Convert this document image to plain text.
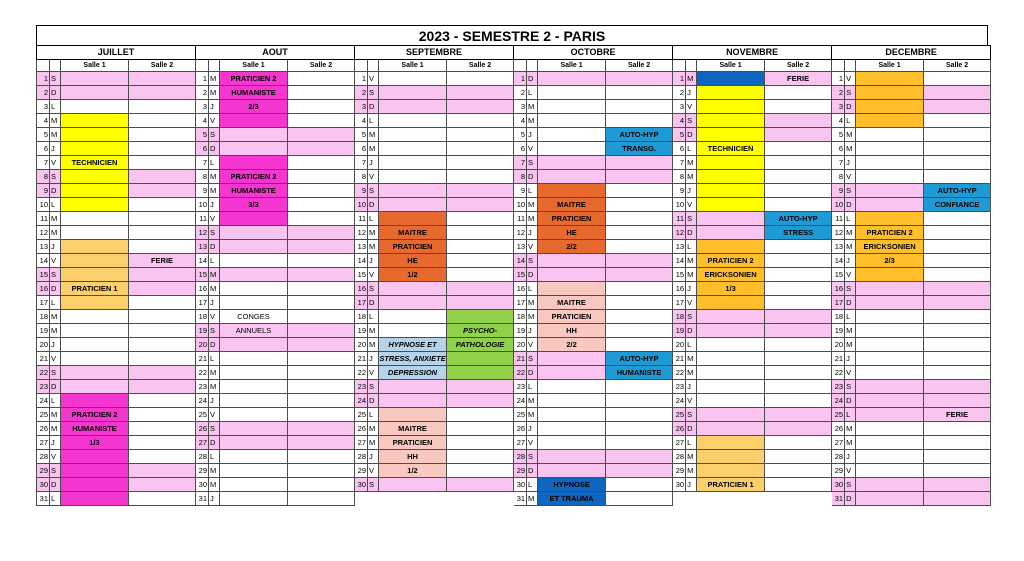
2023 - SEMESTRE 2 - PARIS
JUILLET				AOUT				SEPTEMBRE				OCTOBRE				NOVEMBRE				DECEMBRE			
		Salle 1	Salle 2			Salle 1	Salle 2			Salle 1	Salle 2			Salle 1	Salle 2			Salle 1	Salle 2			Salle 1	Salle 2
1	S			1	M	PRATICIEN 2		1	V			1	D			1	M		FERIE	1	V		
2	D			2	M	HUMANISTE		2	S			2	L			2	J			2	S		
3	L			3	J	2/3		3	D			3	M			3	V			3	D		
4	M			4	V			4	L			4	M			4	S			4	L		
5	M			5	S			5	M			5	J		AUTO-HYP	5	D			5	M		
6	J			6	D			6	M			6	V		TRANSG.	6	L	TECHNICIEN		6	M		
7	V	TECHNICIEN		7	L			7	J			7	S			7	M			7	J		
8	S			8	M	PRATICIEN 2		8	V			8	D			8	M			8	V		
9	D			9	M	HUMANISTE		9	S			9	L			9	J			9	S		AUTO-HYP
10	L			10	J	3/3		10	D			10	M	MAITRE		10	V			10	D		CONFIANCE
11	M			11	V			11	L			11	M	PRATICIEN		11	S		AUTO-HYP	11	L		
12	M			12	S			12	M	MAITRE		12	J	HE		12	D		STRESS	12	M	PRATICIEN 2	
13	J			13	D			13	M	PRATICIEN		13	V	2/2		13	L			13	M	ERICKSONIEN	
14	V		FERIE	14	L			14	J	HE		14	S			14	M	PRATICIEN 2		14	J	2/3	
15	S			15	M			15	V	1/2		15	D			15	M	ERICKSONIEN		15	V		
16	D	PRATICIEN 1		16	M			16	S			16	L			16	J	1/3		16	S		
17	L			17	J			17	D			17	M	MAITRE		17	V			17	D		
18	M			18	V	CONGES		18	L			18	M	PRATICIEN		18	S			18	L		
19	M			19	S	ANNUELS		19	M		PSYCHO-	19	J	HH		19	D			19	M		
20	J			20	D			20	M	HYPNOSE ET	PATHOLOGIE	20	V	2/2		20	L			20	M		
21	V			21	L			21	J	STRESS, ANXIETE		21	S		AUTO-HYP	21	M			21	J		
22	S			22	M			22	V	DEPRESSION		22	D		HUMANISTE	22	M			22	V		
23	D			23	M			23	S			23	L			23	J			23	S		
24	L			24	J			24	D			24	M			24	V			24	D		
25	M	PRATICIEN 2		25	V			25	L			25	M			25	S			25	L		FERIE
26	M	HUMANISTE		26	S			26	M	MAITRE		26	J			26	D			26	M		
27	J	1/3		27	D			27	M	PRATICIEN		27	V			27	L			27	M		
28	V			28	L			28	J	HH		28	S			28	M			28	J		
29	S			29	M			29	V	1/2		29	D			29	M			29	V		
30	D			30	M			30	S			30	L	HYPNOSE		30	J	PRATICIEN 1		30	S		
31	L			31	J							31	M	ET TRAUMA						31	D		
